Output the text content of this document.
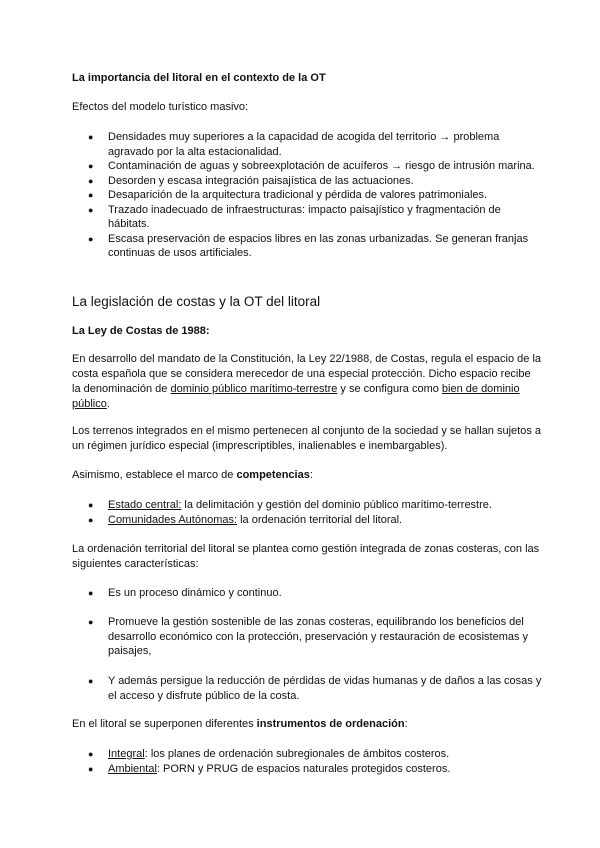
La importancia del litoral en el contexto de la OT
Efectos del modelo turístico masivo:
● Densidades muy superiores a la capacidad de acogida del territorio → problema agravado por la alta estacionalidad.
● Contaminación de aguas y sobreexplotación de acuíferos → riesgo de intrusión marina.
● Desorden y escasa integración paisajística de las actuaciones.
● Desaparición de la arquitectura tradicional y pérdida de valores patrimoniales.
● Trazado inadecuado de infraestructuras: impacto paisajístico y fragmentación de hábitats.
● Escasa preservación de espacios libres en las zonas urbanizadas. Se generan franjas continuas de usos artificiales.
La legislación de costas y la OT del litoral
La Ley de Costas de 1988:
En desarrollo del mandato de la Constitución, la Ley 22/1988, de Costas, regula el espacio de la costa española que se considera merecedor de una especial protección. Dicho espacio recibe la denominación de dominio público marítimo-terrestre y se configura como bien de dominio público.
Los terrenos integrados en el mismo pertenecen al conjunto de la sociedad y se hallan sujetos a un régimen jurídico especial (imprescriptibles, inalienables e inembargables).
Asimismo, establece el marco de competencias:
● Estado central: la delimitación y gestión del dominio público marítimo-terrestre.
● Comunidades Autónomas: la ordenación territorial del litoral.
La ordenación territorial del litoral se plantea como gestión integrada de zonas costeras, con las siguientes características:
● Es un proceso dinámico y continuo.
● Promueve la gestión sostenible de las zonas costeras, equilibrando los beneficios del desarrollo económico con la protección, preservación y restauración de ecosistemas y paisajes,
● Y además persigue la reducción de pérdidas de vidas humanas y de daños a las cosas y el acceso y disfrute público de la costa.
En el litoral se superponen diferentes instrumentos de ordenación:
● Integral: los planes de ordenación subregionales de ámbitos costeros.
● Ambiental: PORN y PRUG de espacios naturales protegidos costeros.
